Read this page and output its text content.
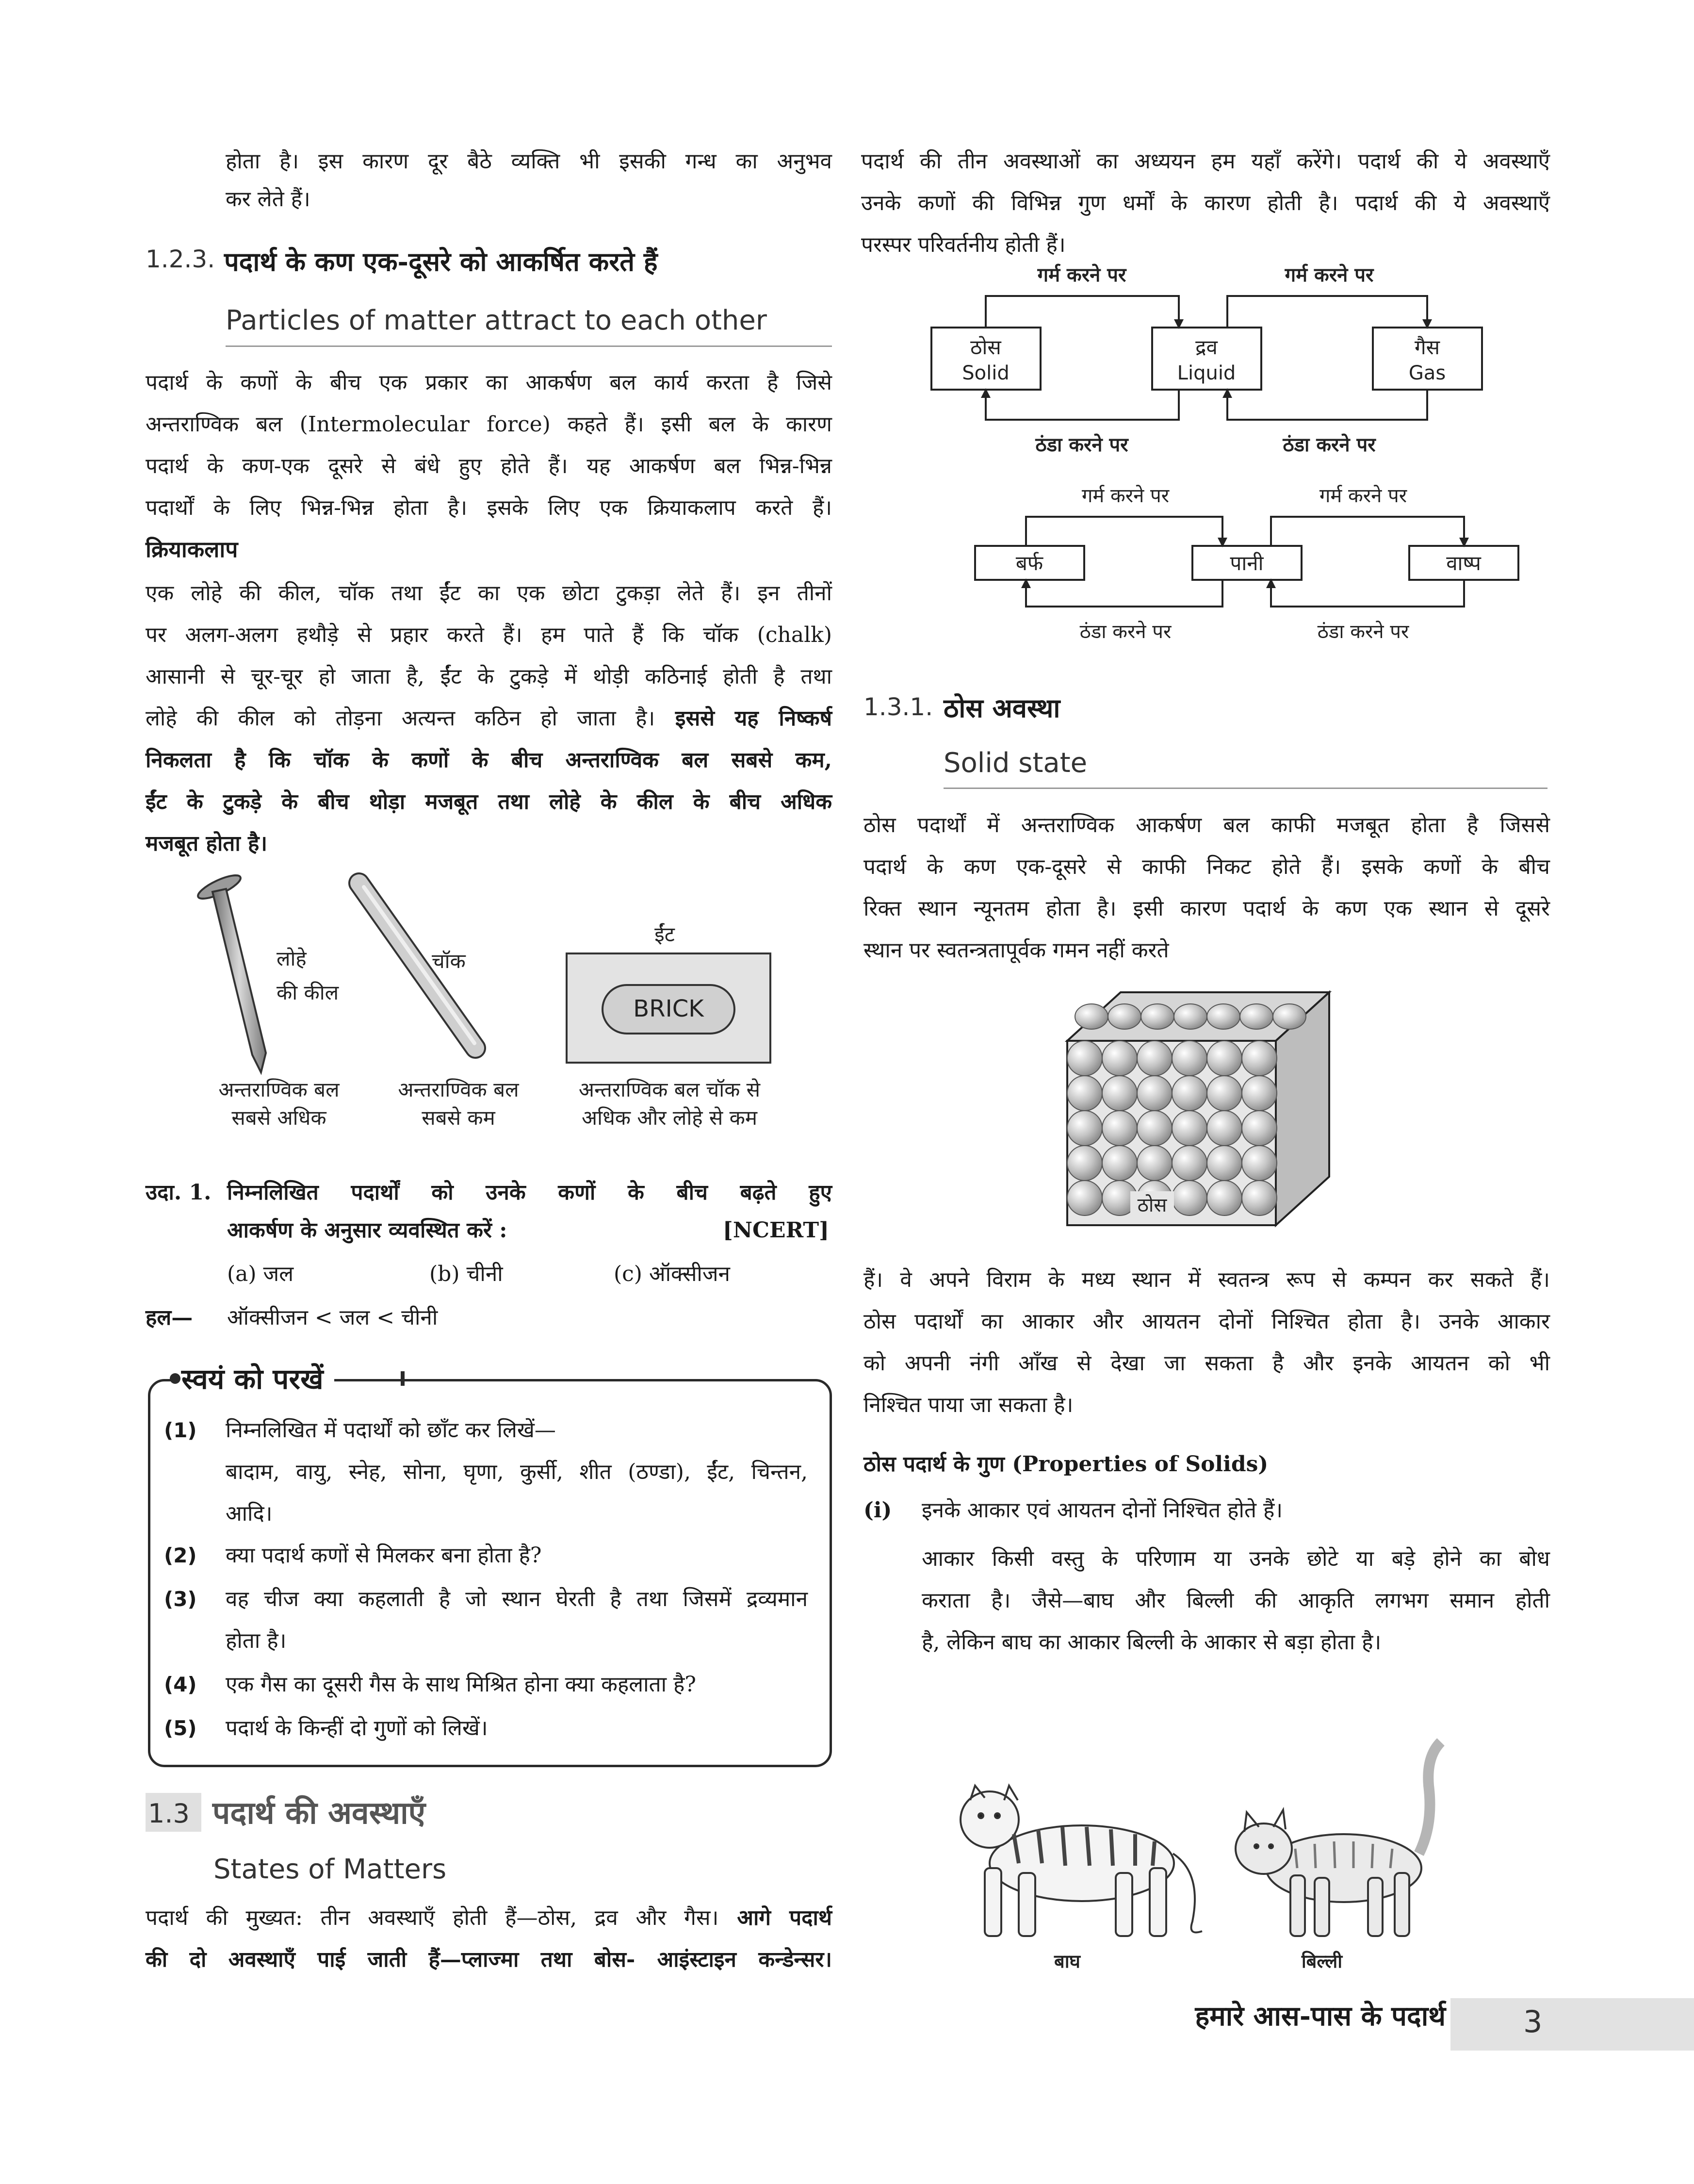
होता है। इस कारण दूर बैठे व्यक्ति भी इसकी गन्ध का अनुभव
कर लेते हैं।
1.2.3. पदार्थ के कण एक-दूसरे को आकर्षित करते हैं
Particles of matter attract to each other
पदार्थ के कणों के बीच एक प्रकार का आकर्षण बल कार्य करता है जिसे
अन्तराण्विक बल (Intermolecular force) कहते हैं। इसी बल के कारण
पदार्थ के कण-एक दूसरे से बंधे हुए होते हैं। यह आकर्षण बल भिन्न-भिन्न
पदार्थों के लिए भिन्न-भिन्न होता है। इसके लिए एक क्रियाकलाप करते हैं।
क्रियाकलाप
एक लोहे की कील, चॉक तथा ईंट का एक छोटा टुकड़ा लेते हैं। इन तीनों
पर अलग-अलग हथौड़े से प्रहार करते हैं। हम पाते हैं कि चॉक (chalk)
आसानी से चूर-चूर हो जाता है, ईंट के टुकड़े में थोड़ी कठिनाई होती है तथा
लोहे की कील को तोड़ना अत्यन्त कठिन हो जाता है। इससे यह निष्कर्ष
निकलता है कि चॉक के कणों के बीच अन्तराण्विक बल सबसे कम,
ईंट के टुकड़े के बीच थोड़ा मजबूत तथा लोहे के कील के बीच अधिक
मजबूत होता है।
BRICK
लोहे
की कील
चॉक
ईंट
अन्तराण्विक बल
सबसे अधिक
अन्तराण्विक बल
सबसे कम
अन्तराण्विक बल चॉक से
अधिक और लोहे से कम
उदा. 1. निम्नलिखित पदार्थों को उनके कणों के बीच बढ़ते हुए
आकर्षण के अनुसार व्यवस्थित करें :	[NCERT]
(a) जल	(b) चीनी	(c) ऑक्सीजन
हल— ऑक्सीजन < जल < चीनी
स्वयं को परखें
(1) निम्नलिखित में पदार्थों को छाँट कर लिखें—
बादाम, वायु, स्नेह, सोना, घृणा, कुर्सी, शीत (ठण्डा), ईंट, चिन्तन,
आदि।
(2) क्या पदार्थ कणों से मिलकर बना होता है?
(3) वह चीज क्या कहलाती है जो स्थान घेरती है तथा जिसमें द्रव्यमान
होता है।
(4) एक गैस का दूसरी गैस के साथ मिश्रित होना क्या कहलाता है?
(5) पदार्थ के किन्हीं दो गुणों को लिखें।
1.3 पदार्थ की अवस्थाएँ
States of Matters
पदार्थ की मुख्यत: तीन अवस्थाएँ होती हैं—ठोस, द्रव और गैस। आगे पदार्थ
की दो अवस्थाएँ पाई जाती हैं—प्लाज्मा तथा बोस- आइंस्टाइन कन्डेन्सर।
पदार्थ की तीन अवस्थाओं का अध्ययन हम यहाँ करेंगे। पदार्थ की ये अवस्थाएँ
उनके कणों की विभिन्न गुण धर्मों के कारण होती है। पदार्थ की ये अवस्थाएँ
परस्पर परिवर्तनीय होती हैं।
ठोस
Solid
द्रव
Liquid
गैस
Gas
गर्म करने पर	गर्म करने पर
ठंडा करने पर	ठंडा करने पर
बर्फ	पानी	वाष्प
गर्म करने पर	गर्म करने पर
ठंडा करने पर	ठंडा करने पर
1.3.1. ठोस अवस्था
Solid state
ठोस पदार्थों में अन्तराण्विक आकर्षण बल काफी मजबूत होता है जिससे
पदार्थ के कण एक-दूसरे से काफी निकट होते हैं। इसके कणों के बीच
रिक्त स्थान न्यूनतम होता है। इसी कारण पदार्थ के कण एक स्थान से दूसरे
स्थान पर स्वतन्त्रतापूर्वक गमन नहीं करते
ठोस
हैं। वे अपने विराम के मध्य स्थान में स्वतन्त्र रूप से कम्पन कर सकते हैं।
ठोस पदार्थों का आकार और आयतन दोनों निश्चित होता है। उनके आकार
को अपनी नंगी आँख से देखा जा सकता है और इनके आयतन को भी
निश्चित पाया जा सकता है।
ठोस पदार्थ के गुण (Properties of Solids)
(i) इनके आकार एवं आयतन दोनों निश्चित होते हैं।
आकार किसी वस्तु के परिणाम या उनके छोटे या बड़े होने का बोध
कराता है। जैसे—बाघ और बिल्ली की आकृति लगभग समान होती
है, लेकिन बाघ का आकार बिल्ली के आकार से बड़ा होता है।
बाघ	बिल्ली
हमारे आस-पास के पदार्थ	3
